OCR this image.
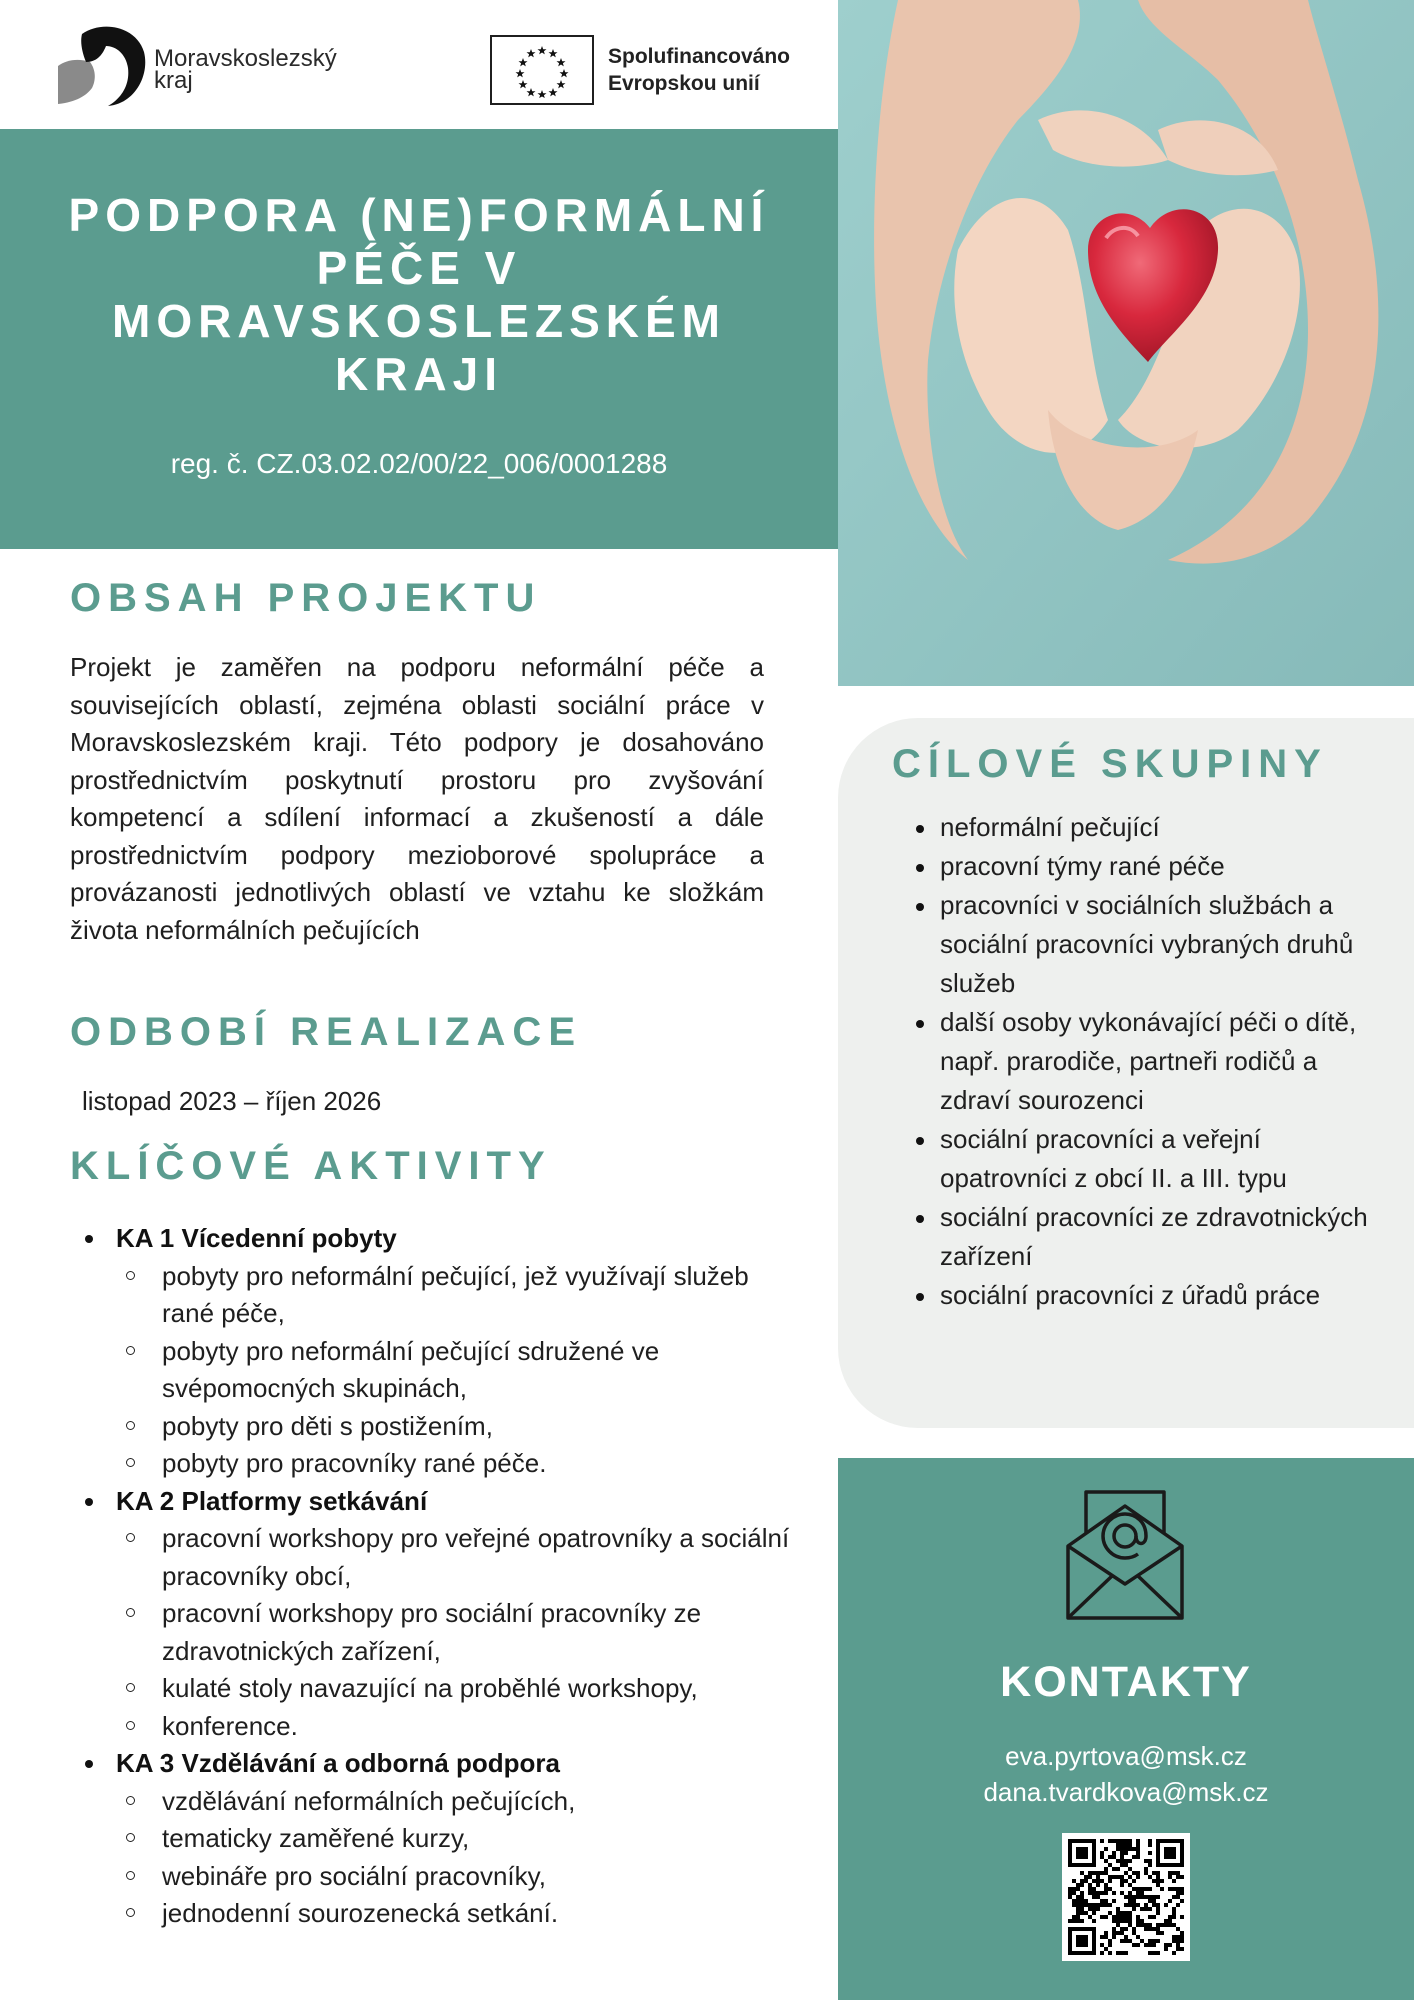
Moravskoslezský kraj
Spolufinancováno Evropskou unií
PODPORA (NE)FORMÁLNÍ PÉČE V MORAVSKOSLEZSKÉM KRAJI
reg. č. CZ.03.02.02/00/22_006/0001288
OBSAH PROJEKTU

Projekt je zaměřen na podporu neformální péče a souvisejících oblastí, zejména oblasti sociální práce v Moravskoslezském kraji. Této podpory je dosahováno prostřednictvím poskytnutí prostoru pro zvyšování kompetencí a sdílení informací a zkušeností a dále prostřednictvím podpory mezioborové spolupráce a provázanosti jednotlivých oblastí ve vztahu ke složkám života neformálních pečujících

ODBOBÍ REALIZACE
listopad 2023 – říjen 2026
KLÍČOVÉ AKTIVITY
KA 1 Vícedenní pobyty
pobyty pro neformální pečující, jež využívají služeb rané péče,
pobyty pro neformální pečující sdružené ve svépomocných skupinách,
pobyty pro děti s postižením,
pobyty pro pracovníky rané péče.
KA 2 Platformy setkávání
pracovní workshopy pro veřejné opatrovníky a sociální pracovníky obcí,
pracovní workshopy pro sociální pracovníky ze zdravotnických zařízení,
kulaté stoly navazující na proběhlé workshopy,
konference.
KA 3 Vzdělávání a odborná podpora
vzdělávání neformálních pečujících,
tematicky zaměřené kurzy,
webináře pro sociální pracovníky,
jednodenní sourozenecká setkání.
CÍLOVÉ SKUPINY
neformální pečující
pracovní týmy rané péče
pracovníci v sociálních službách a sociální pracovníci vybraných druhů služeb
další osoby vykonávající péči o dítě, např. prarodiče, partneři rodičů a zdraví sourozenci
sociální pracovníci a veřejní opatrovníci z obcí II. a III. typu
sociální pracovníci ze zdravotnických zařízení
sociální pracovníci z úřadů práce
KONTAKTY
eva.pyrtova@msk.cz
dana.tvardkova@msk.cz
